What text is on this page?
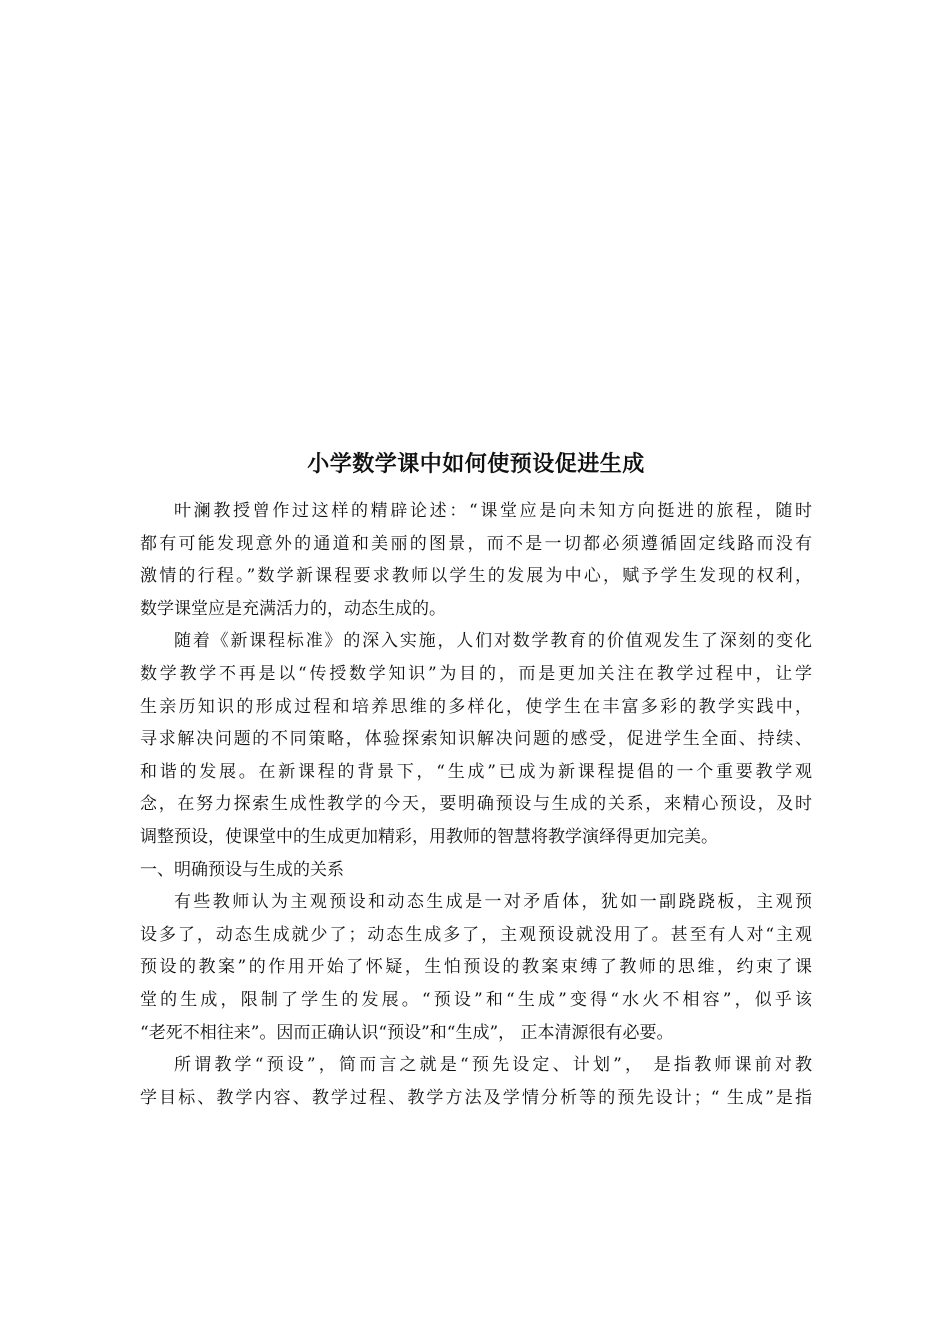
小学数学课中如何使预设促进生成

叶澜教授曾作过这样的精辟论述：“课堂应是向未知方向挺进的旅程，随时
都有可能发现意外的通道和美丽的图景，而不是一切都必须遵循固定线路而没有
激情的行程。”数学新课程要求教师以学生的发展为中心，赋予学生发现的权利，
数学课堂应是充满活力的，动态生成的。

随着《新课程标准》的深入实施，人们对数学教育的价值观发生了深刻的变化
数学教学不再是以“传授数学知识”为目的，而是更加关注在教学过程中，让学
生亲历知识的形成过程和培养思维的多样化，使学生在丰富多彩的教学实践中，
寻求解决问题的不同策略，体验探索知识解决问题的感受，促进学生全面、持续、
和谐的发展。在新课程的背景下，“生成”已成为新课程提倡的一个重要教学观
念，在努力探索生成性教学的今天，要明确预设与生成的关系，来精心预设，及时
调整预设，使课堂中的生成更加精彩，用教师的智慧将教学演绎得更加完美。

一、明确预设与生成的关系

有些教师认为主观预设和动态生成是一对矛盾体，犹如一副跷跷板，主观预
设多了，动态生成就少了；动态生成多了，主观预设就没用了。甚至有人对“主观
预设的教案”的作用开始了怀疑，生怕预设的教案束缚了教师的思维，约束了课
堂的生成，限制了学生的发展。“预设”和“生成”变得“水火不相容”，似乎该
“老死不相往来”。因而正确认识“预设”和“生成”， 正本清源很有必要。

所谓教学“预设”，简而言之就是“预先设定、计划”， 是指教师课前对教
学目标、教学内容、教学过程、教学方法及学情分析等的预先设计；“ 生成”是指
